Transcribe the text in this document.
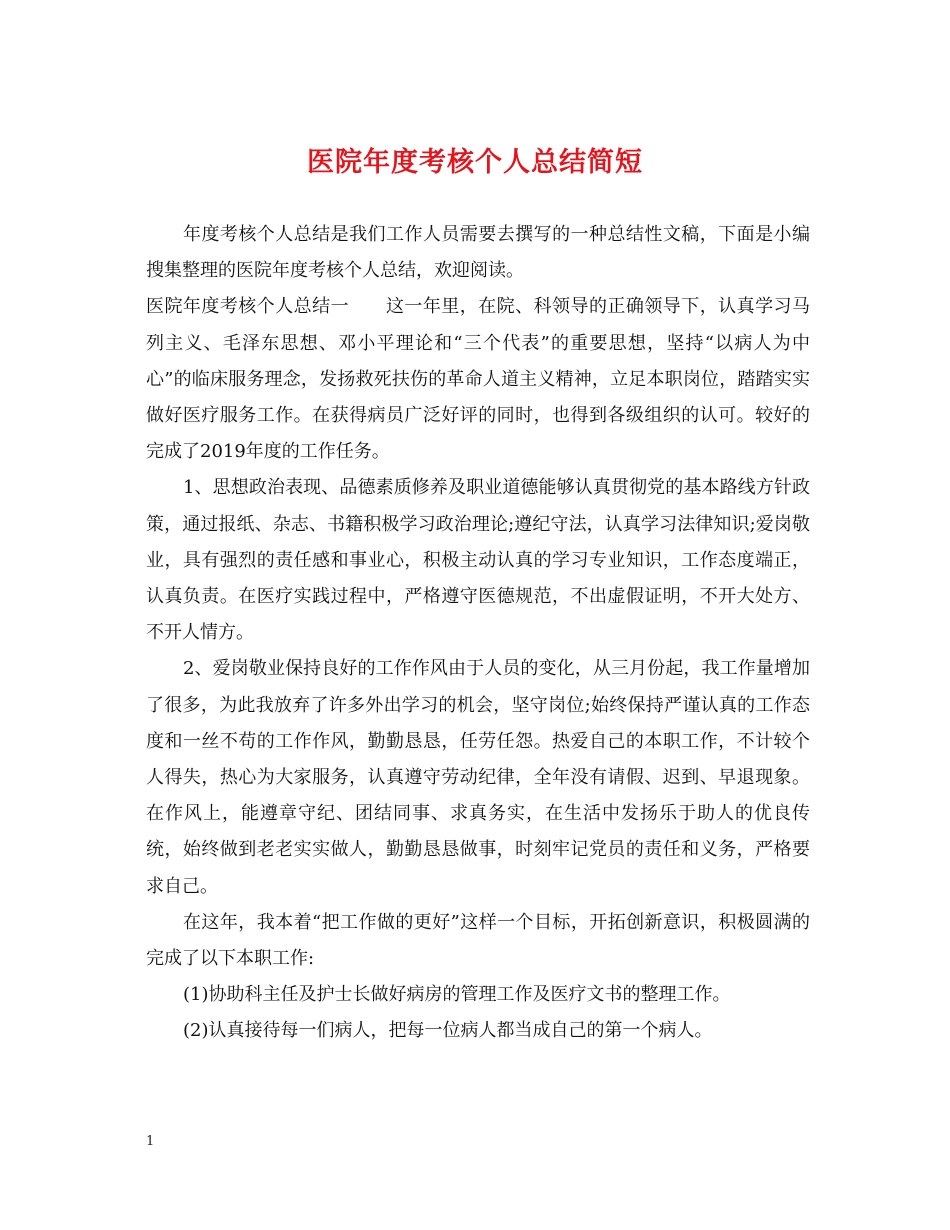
医院年度考核个人总结简短

年度考核个人总结是我们工作人员需要去撰写的一种总结性文稿，下面是小编搜集整理的医院年度考核个人总结，欢迎阅读。

医院年度考核个人总结一　　这一年里，在院、科领导的正确领导下，认真学习马列主义、毛泽东思想、邓小平理论和“三个代表”的重要思想，坚持“以病人为中心”的临床服务理念，发扬救死扶伤的革命人道主义精神，立足本职岗位，踏踏实实做好医疗服务工作。在获得病员广泛好评的同时，也得到各级组织的认可。较好的完成了2019年度的工作任务。

1、思想政治表现、品德素质修养及职业道德能够认真贯彻党的基本路线方针政策，通过报纸、杂志、书籍积极学习政治理论;遵纪守法，认真学习法律知识;爱岗敬业，具有强烈的责任感和事业心，积极主动认真的学习专业知识，工作态度端正，认真负责。在医疗实践过程中，严格遵守医德规范，不出虚假证明，不开大处方、不开人情方。

2、爱岗敬业保持良好的工作作风由于人员的变化，从三月份起，我工作量增加了很多，为此我放弃了许多外出学习的机会，坚守岗位;始终保持严谨认真的工作态度和一丝不苟的工作作风，勤勤恳恳，任劳任怨。热爱自己的本职工作，不计较个人得失，热心为大家服务，认真遵守劳动纪律，全年没有请假、迟到、早退现象。在作风上，能遵章守纪、团结同事、求真务实，在生活中发扬乐于助人的优良传统，始终做到老老实实做人，勤勤恳恳做事，时刻牢记党员的责任和义务，严格要求自己。

在这年，我本着“把工作做的更好”这样一个目标，开拓创新意识，积极圆满的完成了以下本职工作:

(1)协助科主任及护士长做好病房的管理工作及医疗文书的整理工作。

(2)认真接待每一们病人，把每一位病人都当成自己的第一个病人。

1
